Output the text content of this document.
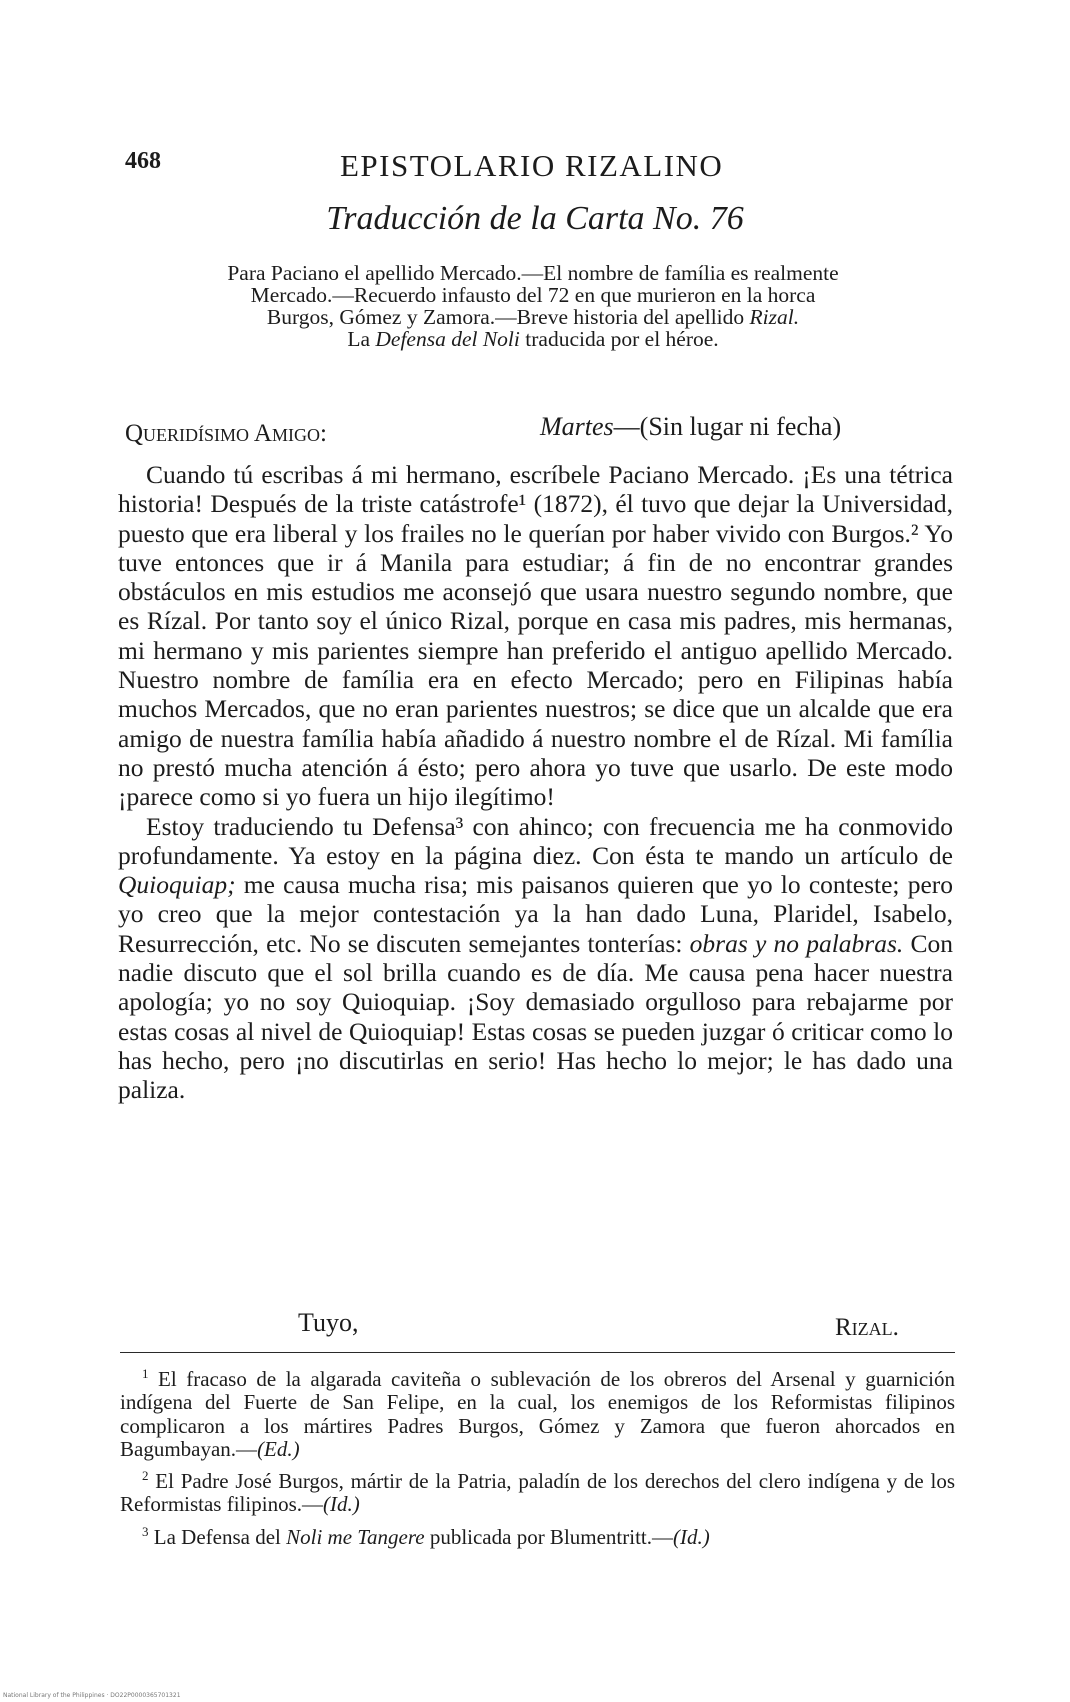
468	EPISTOLARIO RIZALINO
Traducción de la Carta No. 76

Para Paciano el apellido Mercado.—El nombre de família es realmente

Mercado.—Recuerdo infausto del 72 en que murieron en la horca

Burgos, Gómez y Zamora.—Breve historia del apellido Rizal.

La Defensa del Noli traducida por el héroe.

Queridísimo Amigo:	Martes—(Sin lugar ni fecha)

Cuando tú escribas á mi hermano, escríbele Paciano Mercado. ¡Es una tétrica historia! Después de la triste catástrofe¹ (1872), él tuvo que dejar la Universidad, puesto que era liberal y los frailes no le querían por haber vivido con Burgos.² Yo tuve entonces que ir á Manila para estudiar; á fin de no encontrar grandes obstáculos en mis estudios me aconsejó que usara nuestro segundo nombre, que es Rízal. Por tanto soy el único Rizal, porque en casa mis padres, mis hermanas, mi hermano y mis parientes siempre han preferido el antiguo apellido Mercado. Nuestro nombre de família era en efecto Mercado; pero en Filipinas había muchos Mercados, que no eran parientes nuestros; se dice que un alcalde que era amigo de nuestra família había añadido á nuestro nombre el de Rízal. Mi família no prestó mucha atención á ésto; pero ahora yo tuve que usarlo. De este modo ¡parece como si yo fuera un hijo ilegítimo!

Estoy traduciendo tu Defensa³ con ahinco; con frecuencia me ha conmovido profundamente. Ya estoy en la página diez. Con ésta te mando un artículo de Quioquiap; me causa mucha risa; mis paisanos quieren que yo lo conteste; pero yo creo que la mejor contestación ya la han dado Luna, Plaridel, Isabelo, Resurrección, etc. No se discuten semejantes tonterías: obras y no palabras. Con nadie discuto que el sol brilla cuando es de día. Me causa pena hacer nuestra apología; yo no soy Quioquiap. ¡Soy demasiado orgulloso para rebajarme por estas cosas al nivel de Quioquiap! Estas cosas se pueden juzgar ó criticar como lo has hecho, pero ¡no discutirlas en serio! Has hecho lo mejor; le has dado una paliza.

Tuyo,	Rizal.

$^1$ El fracaso de la algarada caviteña o sublevación de los obreros del Arsenal y guarnición indígena del Fuerte de San Felipe, en la cual, los enemigos de los Reformistas filipinos complicaron a los mártires Padres Burgos, Gómez y Zamora que fueron ahorcados en Bagumbayan.—(Ed.)

$^2$ El Padre José Burgos, mártir de la Patria, paladín de los derechos del clero indígena y de los Reformistas filipinos.—(Id.)

$^3$ La Defensa del Noli me Tangere publicada por Blumentritt.—(Id.)

National Library of the Philippines · DO22P0000365701321
